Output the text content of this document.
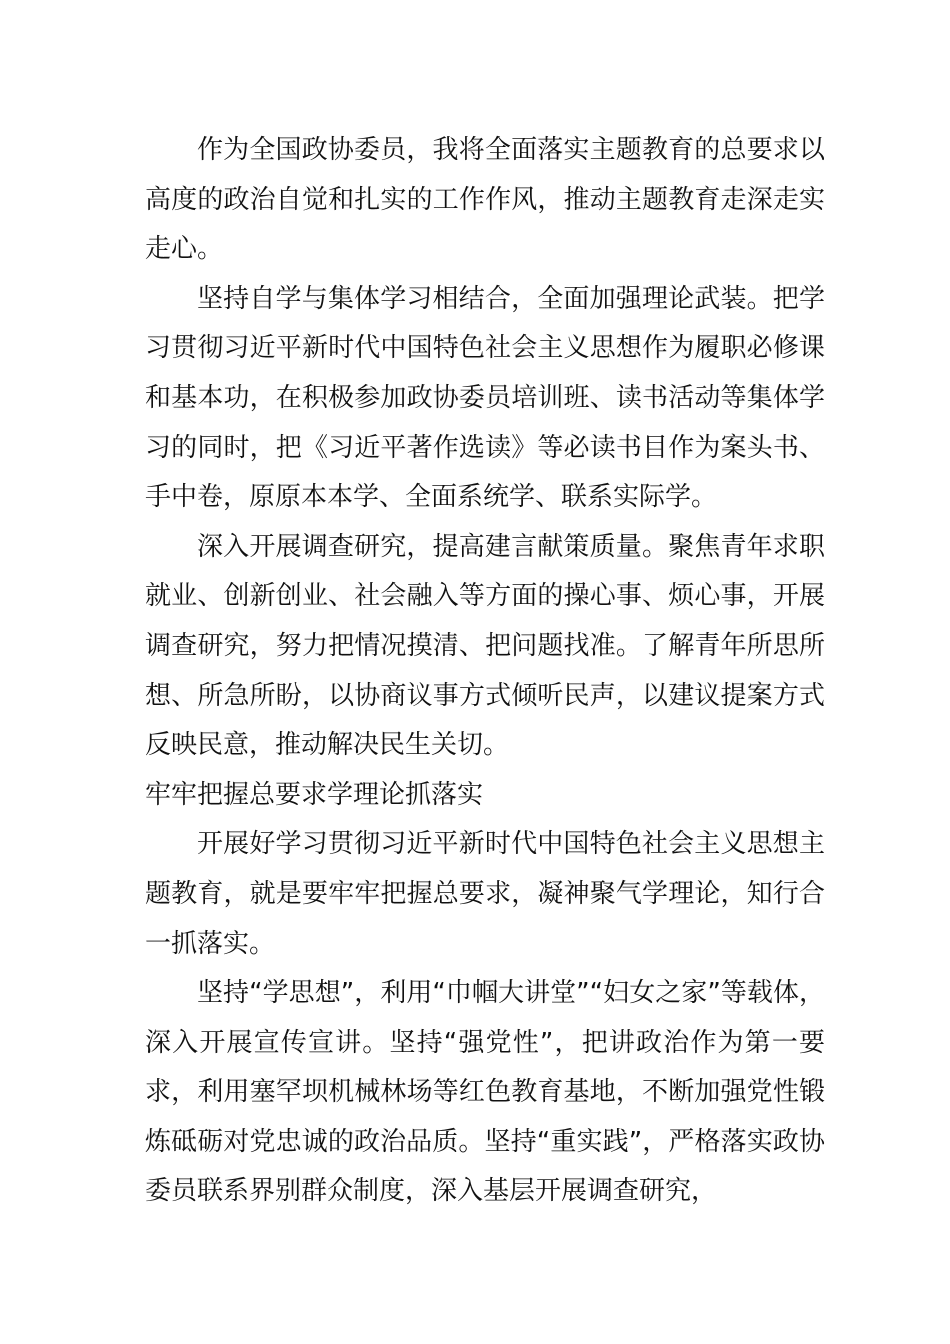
作为全国政协委员，我将全面落实主题教育的总要求以高度的政治自觉和扎实的工作作风，推动主题教育走深走实走心。

坚持自学与集体学习相结合，全面加强理论武装。把学习贯彻习近平新时代中国特色社会主义思想作为履职必修课和基本功，在积极参加政协委员培训班、读书活动等集体学习的同时，把《习近平著作选读》等必读书目作为案头书、手中卷，原原本本学、全面系统学、联系实际学。

深入开展调查研究，提高建言献策质量。聚焦青年求职就业、创新创业、社会融入等方面的操心事、烦心事，开展调查研究，努力把情况摸清、把问题找准。了解青年所思所想、所急所盼，以协商议事方式倾听民声，以建议提案方式反映民意，推动解决民生关切。

牢牢把握总要求学理论抓落实

开展好学习贯彻习近平新时代中国特色社会主义思想主题教育，就是要牢牢把握总要求，凝神聚气学理论，知行合一抓落实。

坚持“学思想”，利用“巾帼大讲堂”“妇女之家”等载体，深入开展宣传宣讲。坚持“强党性”，把讲政治作为第一要求，利用塞罕坝机械林场等红色教育基地，不断加强党性锻炼砥砺对党忠诚的政治品质。坚持“重实践”，严格落实政协委员联系界别群众制度，深入基层开展调查研究，
